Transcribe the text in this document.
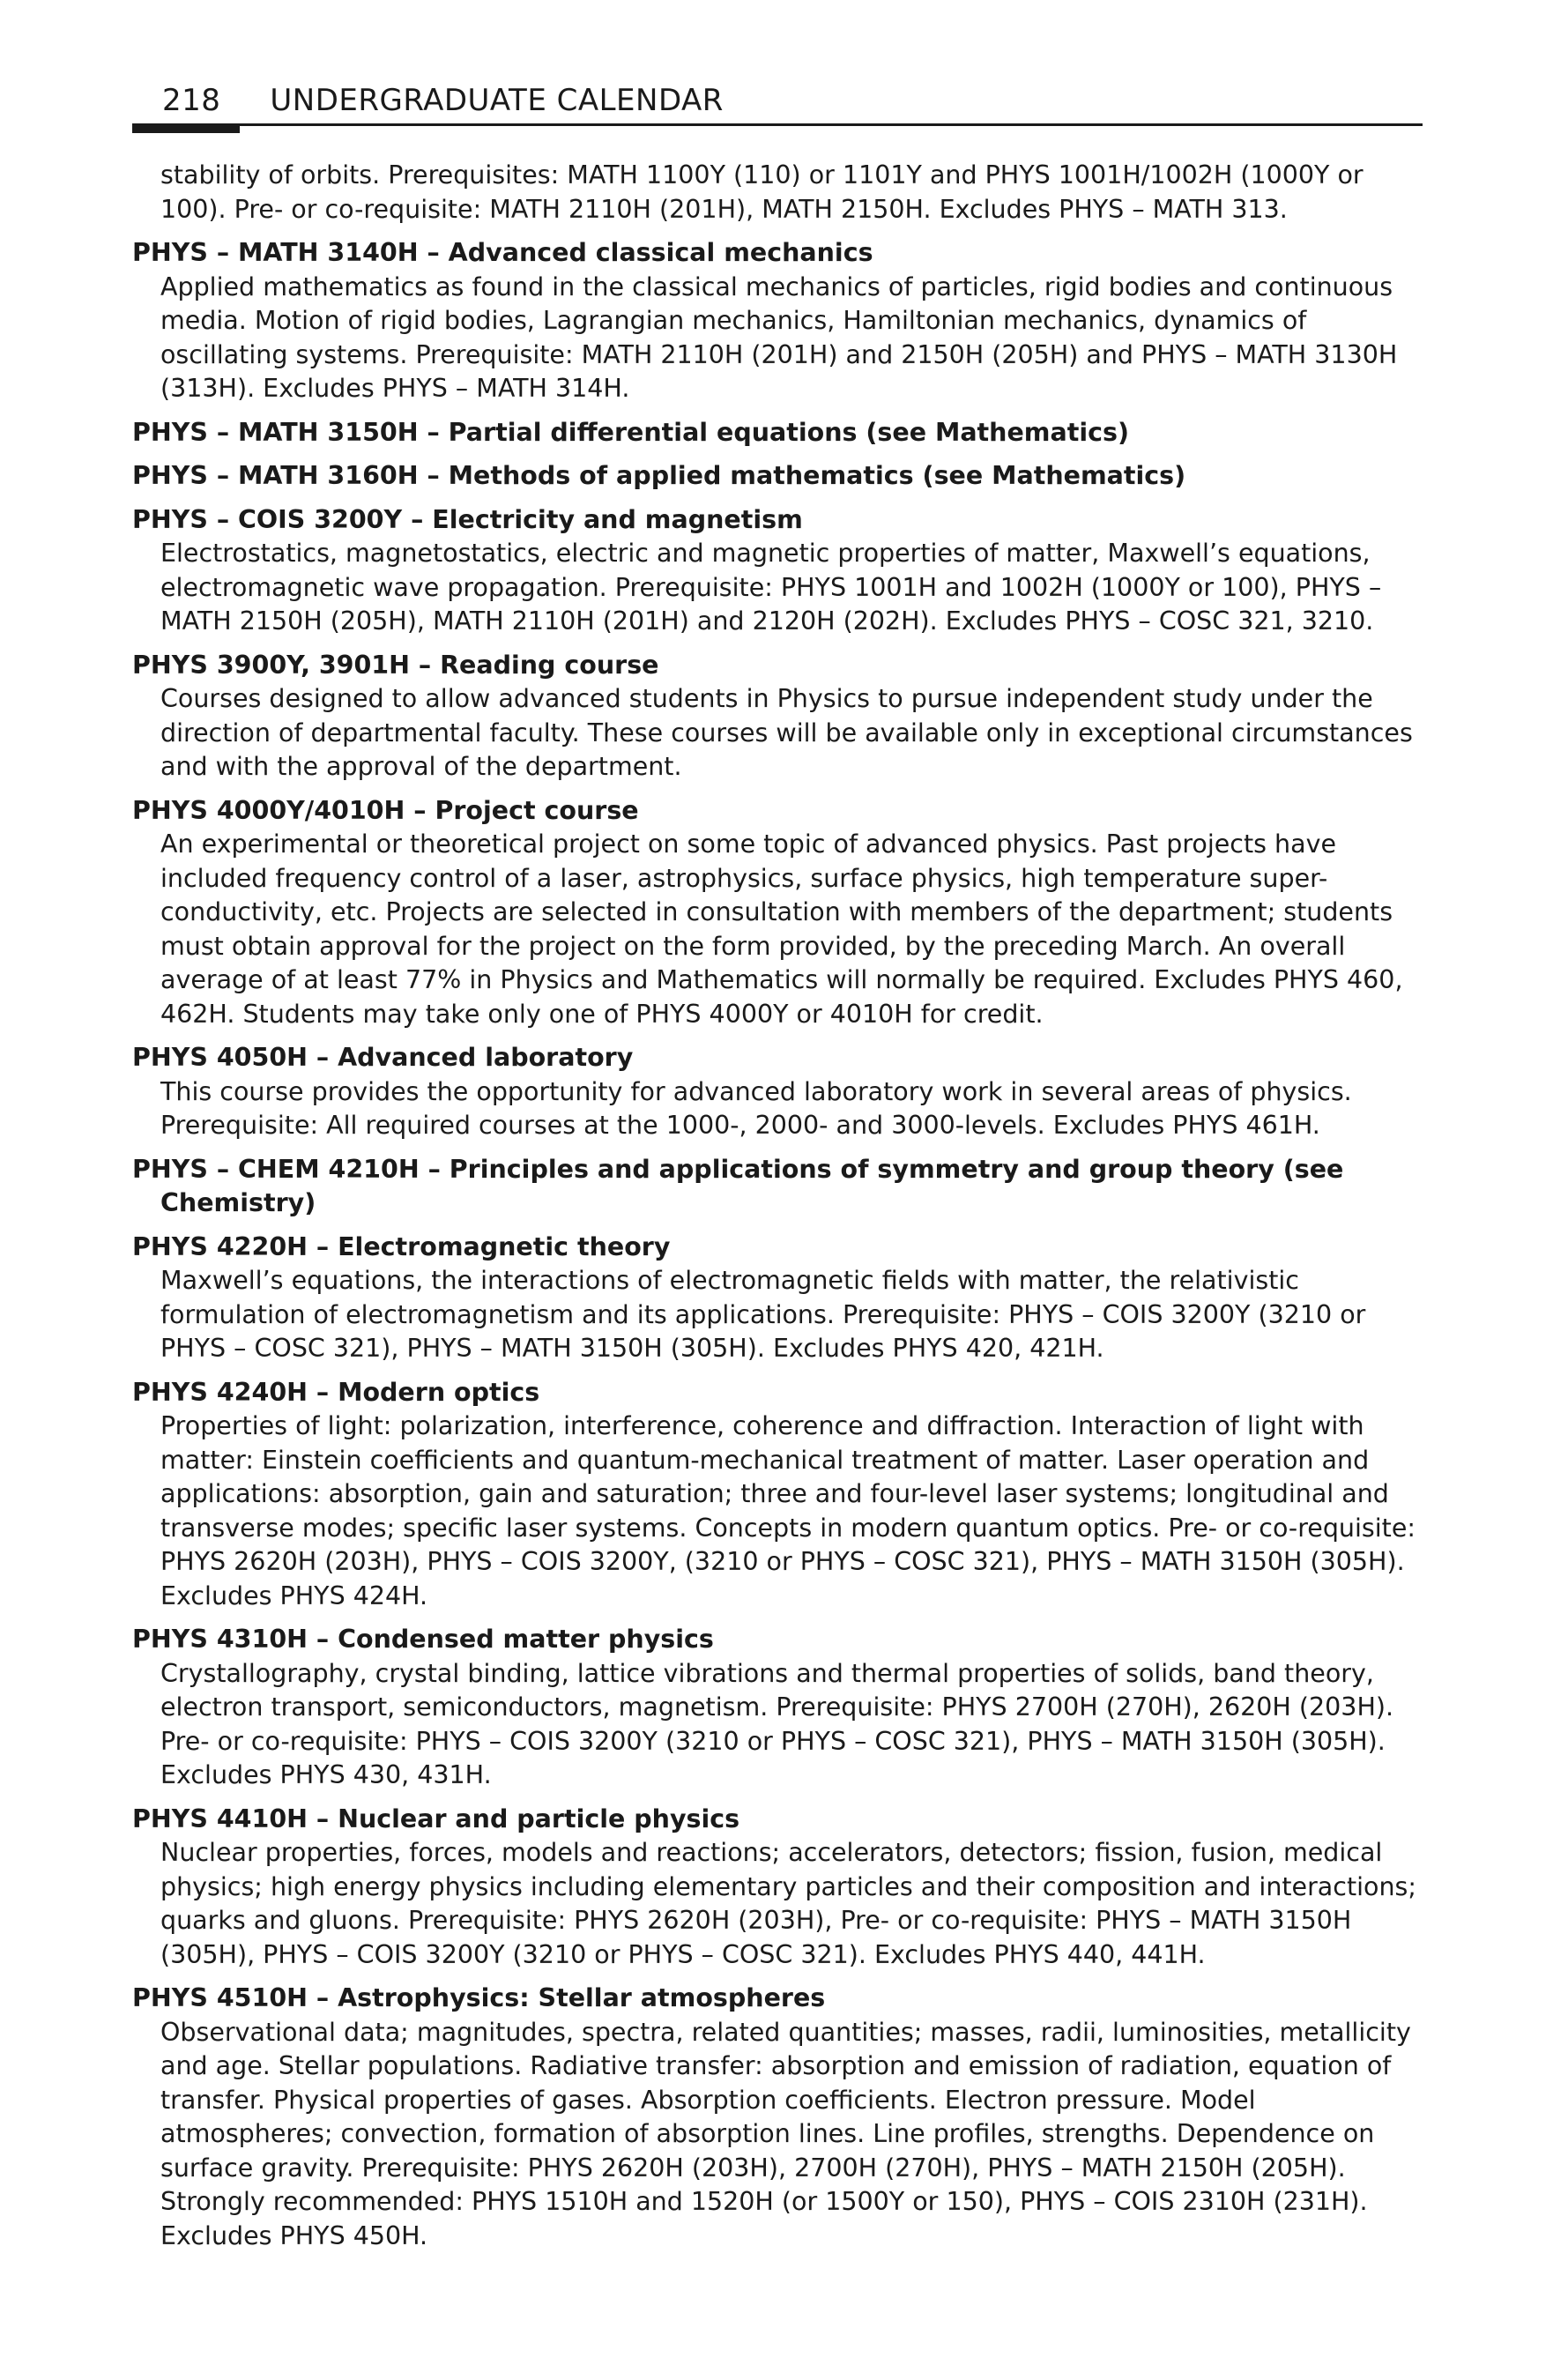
218 UNDERGRADUATE CALENDAR

stability of orbits. Prerequisites: MATH 1100Y (110) or 1101Y and PHYS 1001H/1002H (1000Y or 100). Pre- or co-requisite: MATH 2110H (201H), MATH 2150H. Excludes PHYS – MATH 313.

PHYS – MATH 3140H – Advanced classical mechanics

Applied mathematics as found in the classical mechanics of particles, rigid bodies and continuous media. Motion of rigid bodies, Lagrangian mechanics, Hamiltonian mechanics, dynamics of oscillating systems. Prerequisite: MATH 2110H (201H) and 2150H (205H) and PHYS – MATH 3130H (313H). Excludes PHYS – MATH 314H.

PHYS – MATH 3150H – Partial differential equations (see Mathematics)

PHYS – MATH 3160H – Methods of applied mathematics (see Mathematics)

PHYS – COIS 3200Y – Electricity and magnetism

Electrostatics, magnetostatics, electric and magnetic properties of matter, Maxwell’s equations, electromagnetic wave propagation. Prerequisite: PHYS 1001H and 1002H (1000Y or 100), PHYS – MATH 2150H (205H), MATH 2110H (201H) and 2120H (202H). Excludes PHYS – COSC 321, 3210.

PHYS 3900Y, 3901H – Reading course

Courses designed to allow advanced students in Physics to pursue independent study under the direction of departmental faculty. These courses will be available only in exceptional circumstances and with the approval of the department.

PHYS 4000Y/4010H – Project course

An experimental or theoretical project on some topic of advanced physics. Past projects have included frequency control of a laser, astrophysics, surface physics, high temperature super-conductivity, etc. Projects are selected in consultation with members of the department; students must obtain approval for the project on the form provided, by the preceding March. An overall average of at least 77% in Physics and Mathematics will normally be required. Excludes PHYS 460, 462H. Students may take only one of PHYS 4000Y or 4010H for credit.

PHYS 4050H – Advanced laboratory

This course provides the opportunity for advanced laboratory work in several areas of physics. Prerequisite: All required courses at the 1000-, 2000- and 3000-levels. Excludes PHYS 461H.

PHYS – CHEM 4210H – Principles and applications of symmetry and group theory (see Chemistry)

PHYS 4220H – Electromagnetic theory

Maxwell’s equations, the interactions of electromagnetic fields with matter, the relativistic formulation of electromagnetism and its applications. Prerequisite: PHYS – COIS 3200Y (3210 or PHYS – COSC 321), PHYS – MATH 3150H (305H). Excludes PHYS 420, 421H.

PHYS 4240H – Modern optics

Properties of light: polarization, interference, coherence and diffraction. Interaction of light with matter: Einstein coefficients and quantum-mechanical treatment of matter. Laser operation and applications: absorption, gain and saturation; three and four-level laser systems; longitudinal and transverse modes; specific laser systems. Concepts in modern quantum optics. Pre- or co-requisite: PHYS 2620H (203H), PHYS – COIS 3200Y, (3210 or PHYS – COSC 321), PHYS – MATH 3150H (305H). Excludes PHYS 424H.

PHYS 4310H – Condensed matter physics

Crystallography, crystal binding, lattice vibrations and thermal properties of solids, band theory, electron transport, semiconductors, magnetism. Prerequisite: PHYS 2700H (270H), 2620H (203H). Pre- or co-requisite: PHYS – COIS 3200Y (3210 or PHYS – COSC 321), PHYS – MATH 3150H (305H). Excludes PHYS 430, 431H.

PHYS 4410H – Nuclear and particle physics

Nuclear properties, forces, models and reactions; accelerators, detectors; fission, fusion, medical physics; high energy physics including elementary particles and their composition and interactions; quarks and gluons. Prerequisite: PHYS 2620H (203H), Pre- or co-requisite: PHYS – MATH 3150H (305H), PHYS – COIS 3200Y (3210 or PHYS – COSC 321). Excludes PHYS 440, 441H.

PHYS 4510H – Astrophysics: Stellar atmospheres

Observational data; magnitudes, spectra, related quantities; masses, radii, luminosities, metallicity and age. Stellar populations. Radiative transfer: absorption and emission of radiation, equation of transfer. Physical properties of gases. Absorption coefficients. Electron pressure. Model atmospheres; convection, formation of absorption lines. Line profiles, strengths. Dependence on surface gravity. Prerequisite: PHYS 2620H (203H), 2700H (270H), PHYS – MATH 2150H (205H). Strongly recommended: PHYS 1510H and 1520H (or 1500Y or 150), PHYS – COIS 2310H (231H). Excludes PHYS 450H.
